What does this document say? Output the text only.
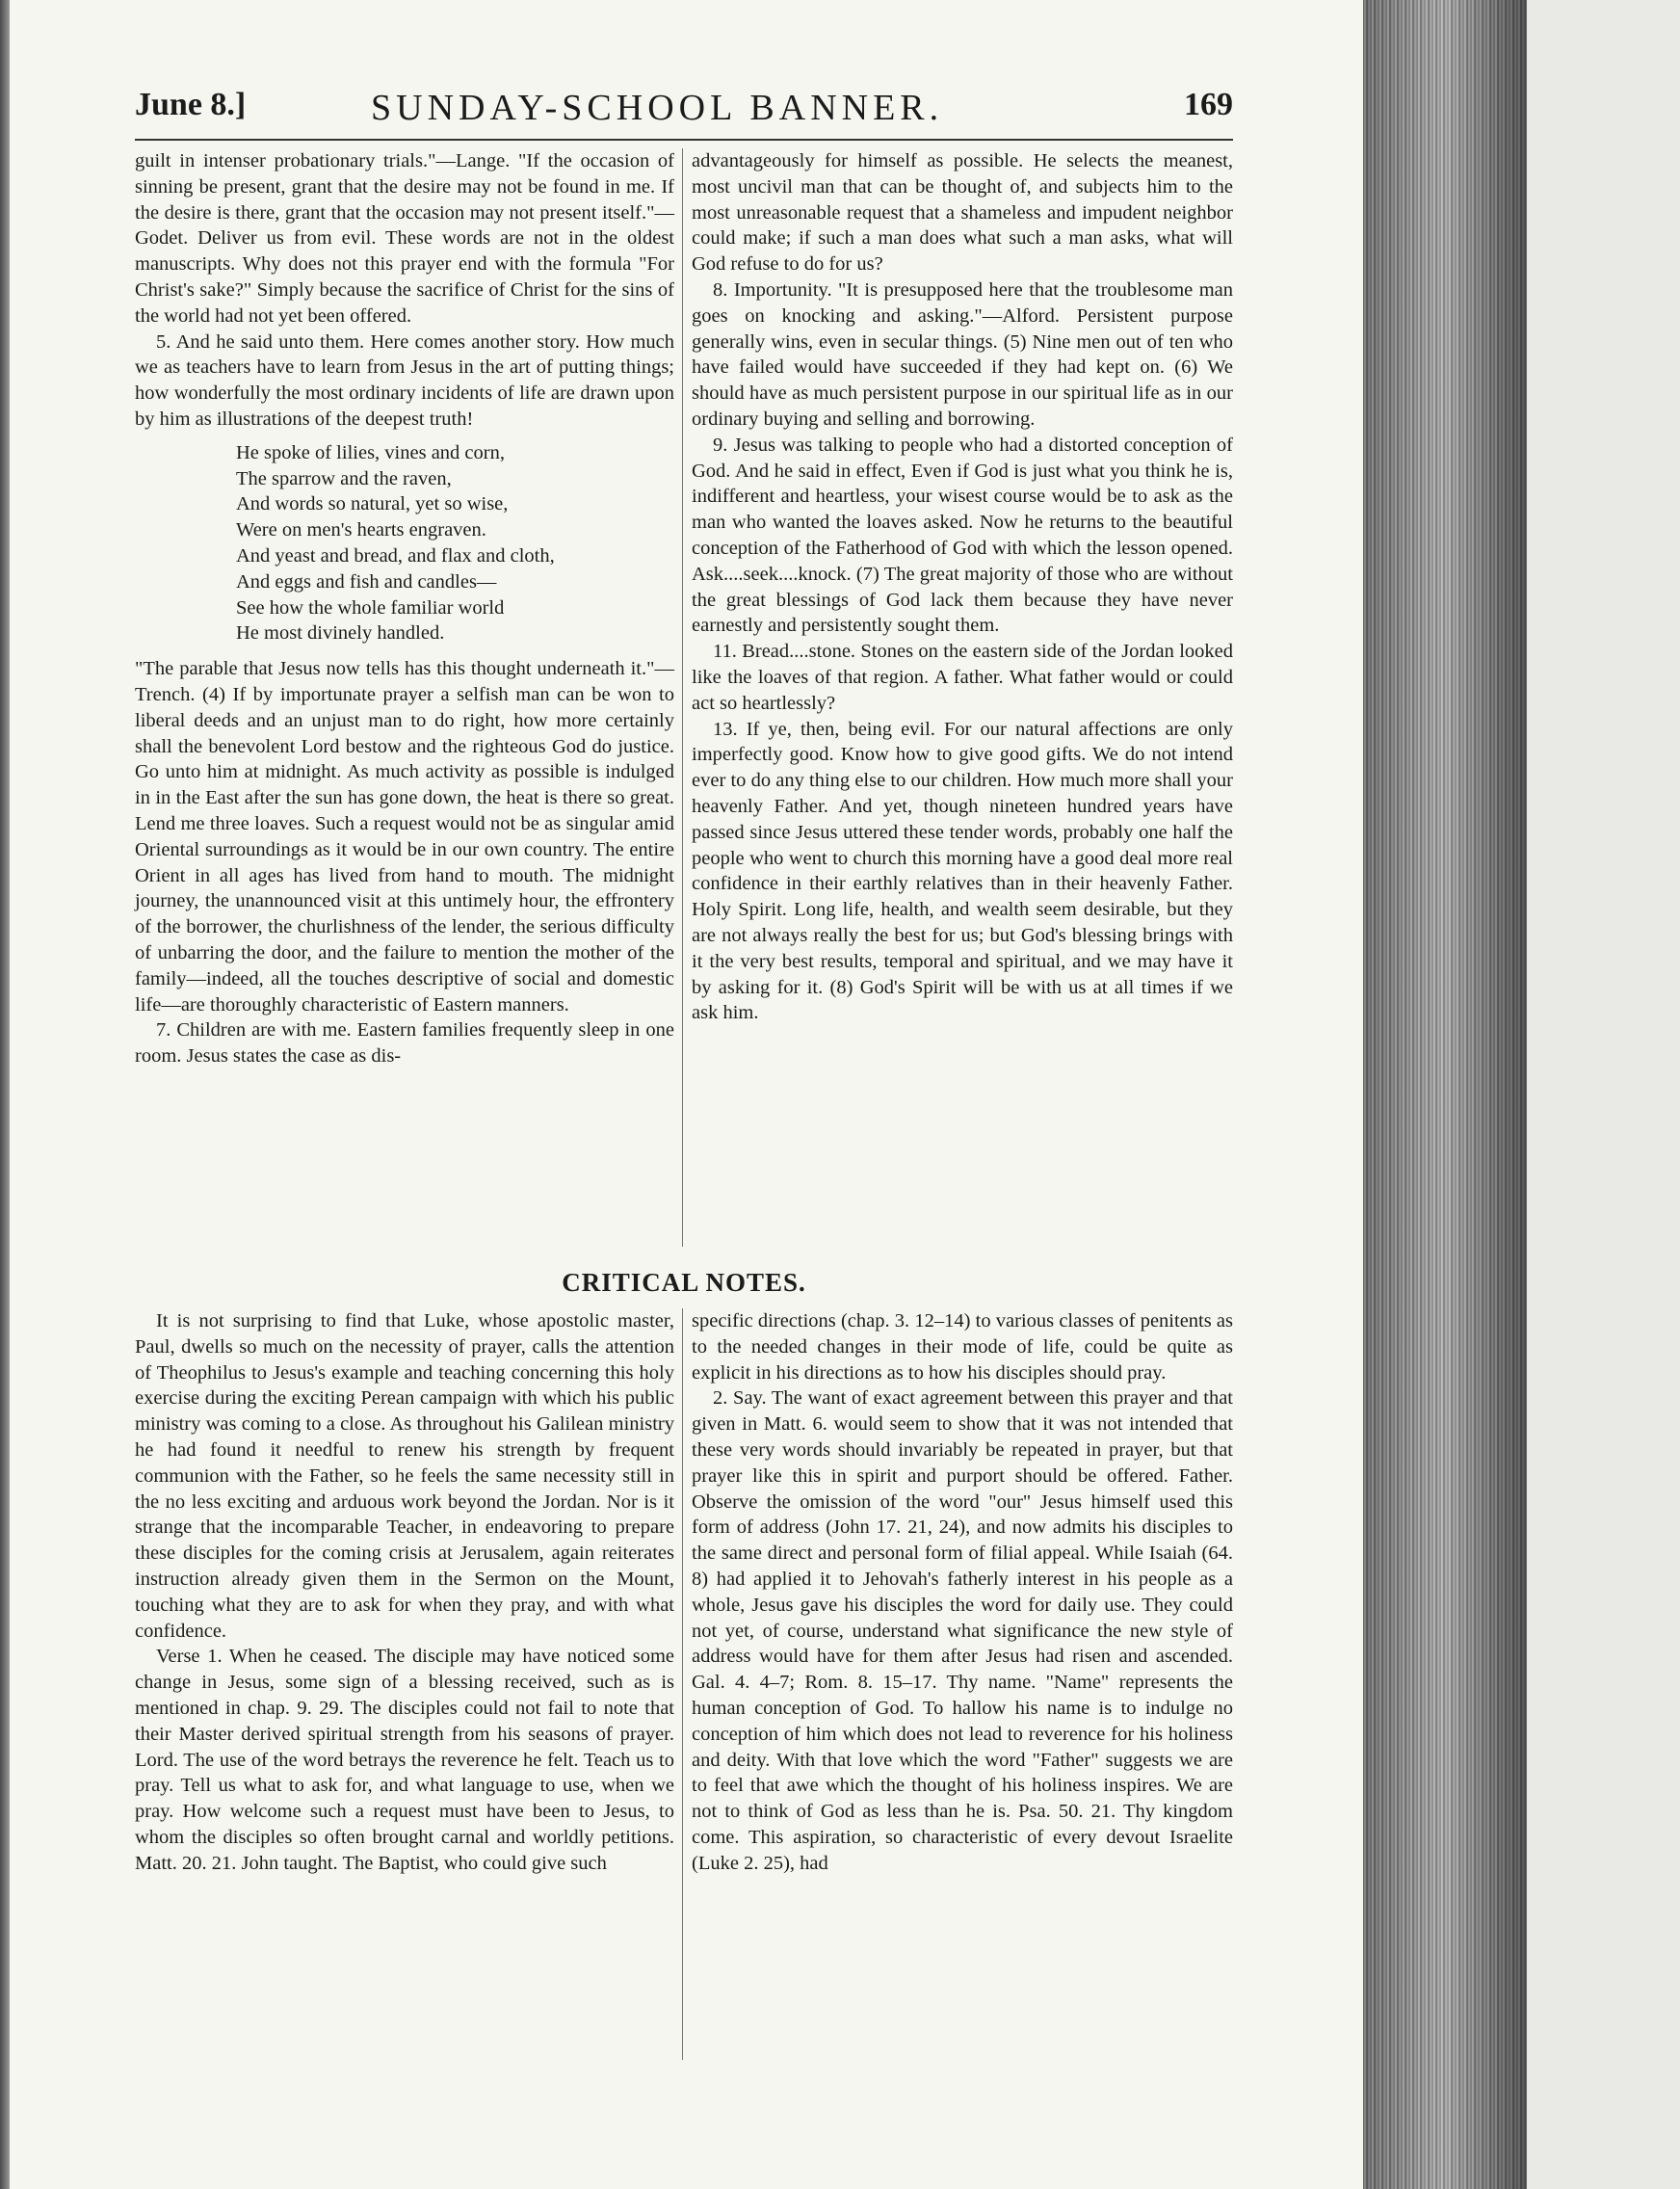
June 8.]	SUNDAY-SCHOOL BANNER.	169

guilt in intenser probationary trials."—Lange. "If the occasion of sinning be present, grant that the desire may not be found in me. If the desire is there, grant that the occasion may not present itself."—Godet. Deliver us from evil. These words are not in the oldest manuscripts. Why does not this prayer end with the formula "For Christ's sake?" Simply because the sacrifice of Christ for the sins of the world had not yet been offered.

5. And he said unto them. Here comes another story. How much we as teachers have to learn from Jesus in the art of putting things; how wonderfully the most ordinary incidents of life are drawn upon by him as illustrations of the deepest truth!

He spoke of lilies, vines and corn,
The sparrow and the raven,
And words so natural, yet so wise,
Were on men's hearts engraven.
And yeast and bread, and flax and cloth,
And eggs and fish and candles—
See how the whole familiar world
He most divinely handled.

"The parable that Jesus now tells has this thought underneath it."—Trench. (4) If by importunate prayer a selfish man can be won to liberal deeds and an unjust man to do right, how more certainly shall the benevolent Lord bestow and the righteous God do justice. Go unto him at midnight. As much activity as possible is indulged in in the East after the sun has gone down, the heat is there so great. Lend me three loaves. Such a request would not be as singular amid Oriental surroundings as it would be in our own country. The entire Orient in all ages has lived from hand to mouth. The midnight journey, the unannounced visit at this untimely hour, the effrontery of the borrower, the churlishness of the lender, the serious difficulty of unbarring the door, and the failure to mention the mother of the family—indeed, all the touches descriptive of social and domestic life—are thoroughly characteristic of Eastern manners.

7. Children are with me. Eastern families frequently sleep in one room. Jesus states the case as dis-

advantageously for himself as possible. He selects the meanest, most uncivil man that can be thought of, and subjects him to the most unreasonable request that a shameless and impudent neighbor could make; if such a man does what such a man asks, what will God refuse to do for us?

8. Importunity. "It is presupposed here that the troublesome man goes on knocking and asking."—Alford. Persistent purpose generally wins, even in secular things. (5) Nine men out of ten who have failed would have succeeded if they had kept on. (6) We should have as much persistent purpose in our spiritual life as in our ordinary buying and selling and borrowing.

9. Jesus was talking to people who had a distorted conception of God. And he said in effect, Even if God is just what you think he is, indifferent and heartless, your wisest course would be to ask as the man who wanted the loaves asked. Now he returns to the beautiful conception of the Fatherhood of God with which the lesson opened. Ask....seek....knock. (7) The great majority of those who are without the great blessings of God lack them because they have never earnestly and persistently sought them.

11. Bread....stone. Stones on the eastern side of the Jordan looked like the loaves of that region. A father. What father would or could act so heartlessly?

13. If ye, then, being evil. For our natural affections are only imperfectly good. Know how to give good gifts. We do not intend ever to do any thing else to our children. How much more shall your heavenly Father. And yet, though nineteen hundred years have passed since Jesus uttered these tender words, probably one half the people who went to church this morning have a good deal more real confidence in their earthly relatives than in their heavenly Father. Holy Spirit. Long life, health, and wealth seem desirable, but they are not always really the best for us; but God's blessing brings with it the very best results, temporal and spiritual, and we may have it by asking for it. (8) God's Spirit will be with us at all times if we ask him.

CRITICAL NOTES.

It is not surprising to find that Luke, whose apostolic master, Paul, dwells so much on the necessity of prayer, calls the attention of Theophilus to Jesus's example and teaching concerning this holy exercise during the exciting Perean campaign with which his public ministry was coming to a close. As throughout his Galilean ministry he had found it needful to renew his strength by frequent communion with the Father, so he feels the same necessity still in the no less exciting and arduous work beyond the Jordan. Nor is it strange that the incomparable Teacher, in endeavoring to prepare these disciples for the coming crisis at Jerusalem, again reiterates instruction already given them in the Sermon on the Mount, touching what they are to ask for when they pray, and with what confidence.

Verse 1. When he ceased. The disciple may have noticed some change in Jesus, some sign of a blessing received, such as is mentioned in chap. 9. 29. The disciples could not fail to note that their Master derived spiritual strength from his seasons of prayer. Lord. The use of the word betrays the reverence he felt. Teach us to pray. Tell us what to ask for, and what language to use, when we pray. How welcome such a request must have been to Jesus, to whom the disciples so often brought carnal and worldly petitions. Matt. 20. 21. John taught. The Baptist, who could give such

specific directions (chap. 3. 12–14) to various classes of penitents as to the needed changes in their mode of life, could be quite as explicit in his directions as to how his disciples should pray.

2. Say. The want of exact agreement between this prayer and that given in Matt. 6. would seem to show that it was not intended that these very words should invariably be repeated in prayer, but that prayer like this in spirit and purport should be offered. Father. Observe the omission of the word "our" Jesus himself used this form of address (John 17. 21, 24), and now admits his disciples to the same direct and personal form of filial appeal. While Isaiah (64. 8) had applied it to Jehovah's fatherly interest in his people as a whole, Jesus gave his disciples the word for daily use. They could not yet, of course, understand what significance the new style of address would have for them after Jesus had risen and ascended. Gal. 4. 4–7; Rom. 8. 15–17. Thy name. "Name" represents the human conception of God. To hallow his name is to indulge no conception of him which does not lead to reverence for his holiness and deity. With that love which the word "Father" suggests we are to feel that awe which the thought of his holiness inspires. We are not to think of God as less than he is. Psa. 50. 21. Thy kingdom come. This aspiration, so characteristic of every devout Israelite (Luke 2. 25), had
